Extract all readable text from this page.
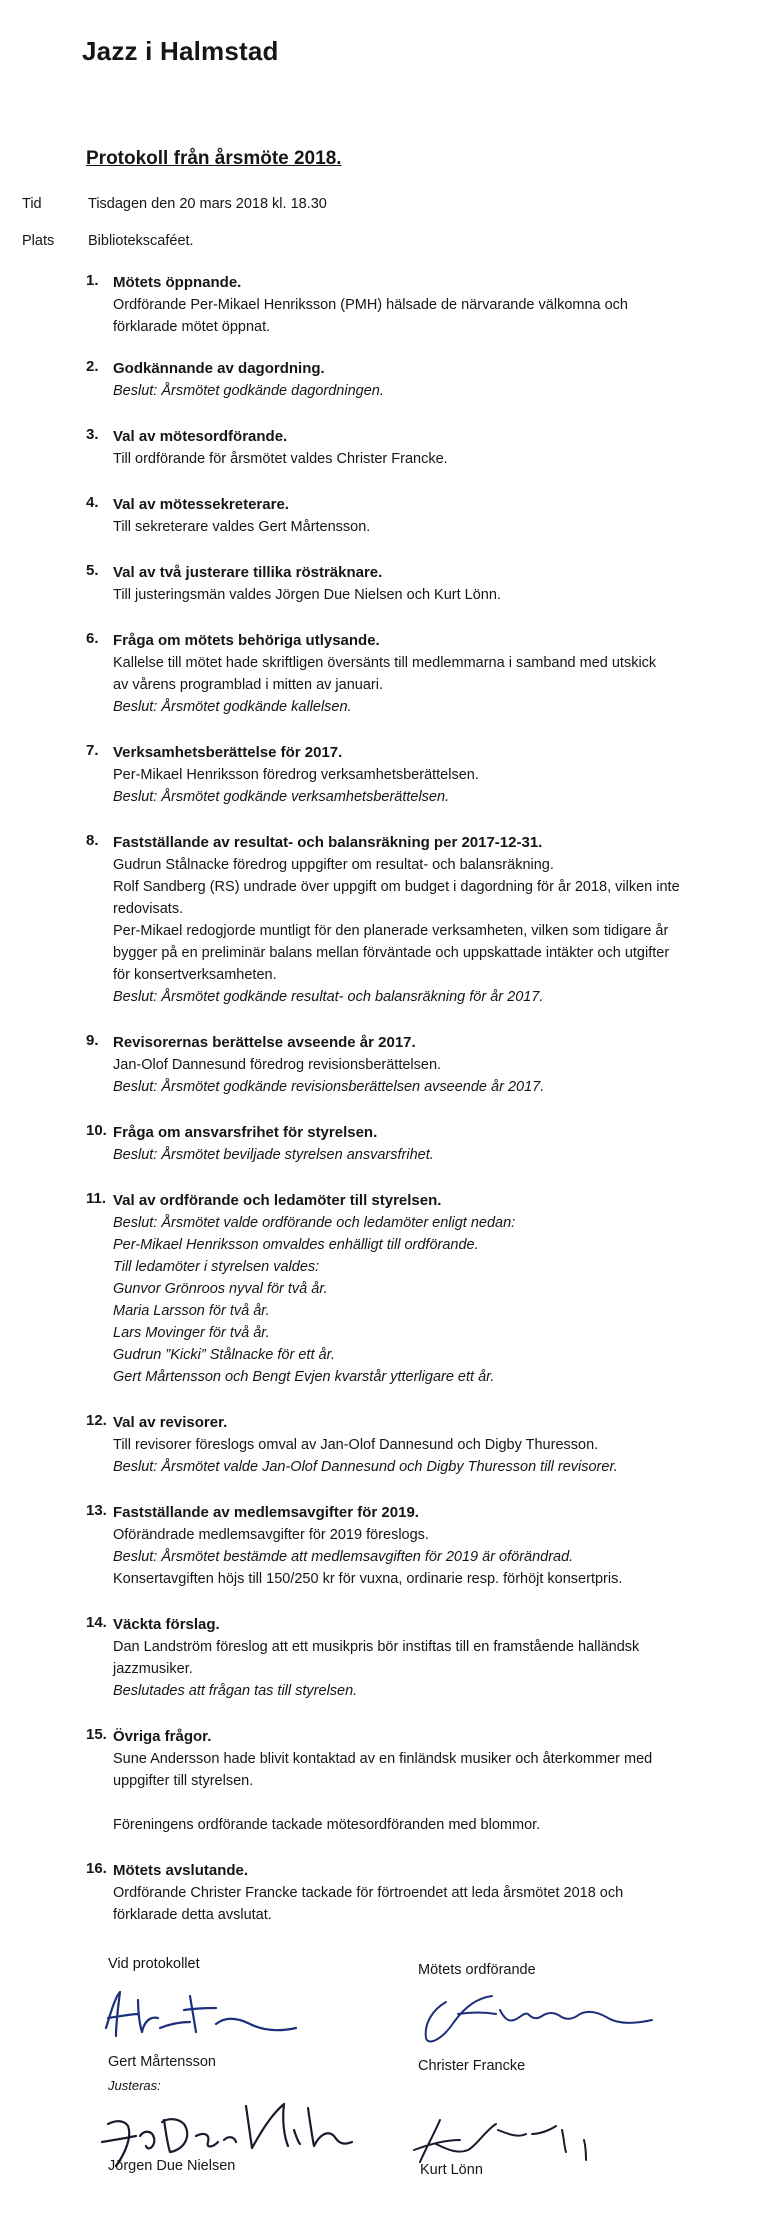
Jazz i Halmstad
Protokoll från årsmöte 2018.
Tid	Tisdagen den 20 mars 2018 kl. 18.30
Plats Bibliotekscaféet.
1. Mötets öppnande.
Ordförande Per-Mikael Henriksson (PMH) hälsade de närvarande välkomna och
förklarade mötet öppnat.
2. Godkännande av dagordning.
Beslut: Årsmötet godkände dagordningen.
3. Val av mötesordförande.
Till ordförande för årsmötet valdes Christer Francke.
4. Val av mötessekreterare.
Till sekreterare valdes Gert Mårtensson.
5. Val av två justerare tillika rösträknare.
Till justeringsmän valdes Jörgen Due Nielsen och Kurt Lönn.
6. Fråga om mötets behöriga utlysande.
Kallelse till mötet hade skriftligen översänts till medlemmarna i samband med utskick
av vårens programblad i mitten av januari.
Beslut: Årsmötet godkände kallelsen.
7. Verksamhetsberättelse för 2017.
Per-Mikael Henriksson föredrog verksamhetsberättelsen.
Beslut: Årsmötet godkände verksamhetsberättelsen.
8. Fastställande av resultat- och balansräkning per 2017-12-31.
Gudrun Stålnacke föredrog uppgifter om resultat- och balansräkning.
Rolf Sandberg (RS) undrade över uppgift om budget i dagordning för år 2018, vilken inte
redovisats.
Per-Mikael redogjorde muntligt för den planerade verksamheten, vilken som tidigare år
bygger på en preliminär balans mellan förväntade och uppskattade intäkter och utgifter
för konsertverksamheten.
Beslut: Årsmötet godkände resultat- och balansräkning för år 2017.
9. Revisorernas berättelse avseende år 2017.
Jan-Olof Dannesund föredrog revisionsberättelsen.
Beslut: Årsmötet godkände revisionsberättelsen avseende år 2017.
10. Fråga om ansvarsfrihet för styrelsen.
Beslut: Årsmötet beviljade styrelsen ansvarsfrihet.
11. Val av ordförande och ledamöter till styrelsen.
Beslut: Årsmötet valde ordförande och ledamöter enligt nedan:
Per-Mikael Henriksson omvaldes enhälligt till ordförande.
Till ledamöter i styrelsen valdes:
Gunvor Grönroos nyval för två år.
Maria Larsson för två år.
Lars Movinger för två år.
Gudrun ”Kicki” Stålnacke för ett år.
Gert Mårtensson och Bengt Evjen kvarstår ytterligare ett år.
12. Val av revisorer.
Till revisorer föreslogs omval av Jan-Olof Dannesund och Digby Thuresson.
Beslut: Årsmötet valde Jan-Olof Dannesund och Digby Thuresson till revisorer.
13. Fastställande av medlemsavgifter för 2019.
Oförändrade medlemsavgifter för 2019 föreslogs.
Beslut: Årsmötet bestämde att medlemsavgiften för 2019 är oförändrad.
Konsertavgiften höjs till 150/250 kr för vuxna, ordinarie resp. förhöjt konsertpris.
14. Väckta förslag.
Dan Landström föreslog att ett musikpris bör instiftas till en framstående halländsk
jazzmusiker.
Beslutades att frågan tas till styrelsen.
15. Övriga frågor.
Sune Andersson hade blivit kontaktad av en finländsk musiker och återkommer med
uppgifter till styrelsen.

Föreningens ordförande tackade mötesordföranden med blommor.
16. Mötets avslutande.
Ordförande Christer Francke tackade för förtroendet att leda årsmötet 2018 och
förklarade detta avslutat.
Vid protokollet	Mötets ordförande
Gert Mårtensson	Christer Francke
Justeras:
Jörgen Due Nielsen	Kurt Lönn
